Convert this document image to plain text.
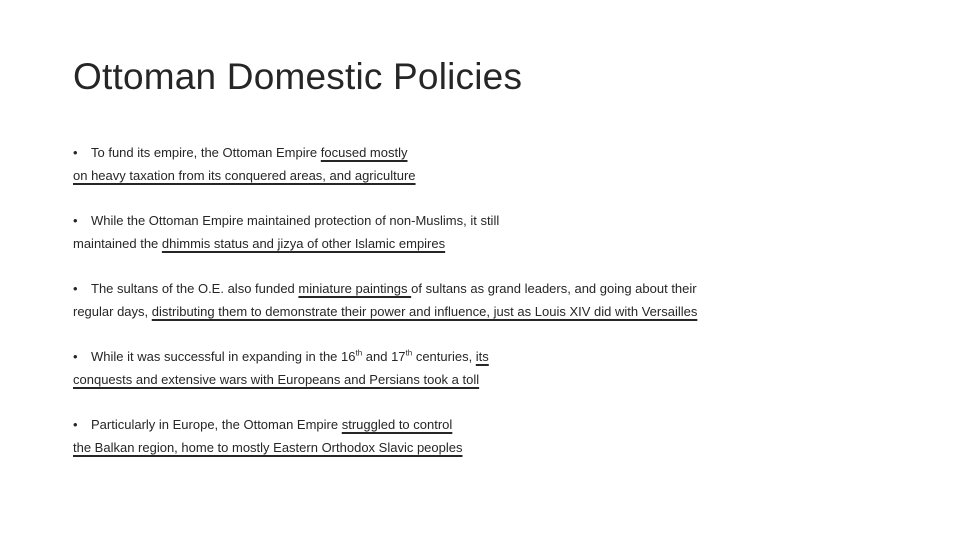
Ottoman Domestic Policies
• To fund its empire, the Ottoman Empire focused mostly
on heavy taxation from its conquered areas, and agriculture
• While the Ottoman Empire maintained protection of non-Muslims, it still
maintained the dhimmis status and jizya of other Islamic empires
• The sultans of the O.E. also funded miniature paintings of sultans as grand leaders, and going about their
regular days, distributing them to demonstrate their power and influence, just as Louis XIV did with Versailles
• While it was successful in expanding in the 16th and 17th centuries, its
conquests and extensive wars with Europeans and Persians took a toll
• Particularly in Europe, the Ottoman Empire struggled to control
the Balkan region, home to mostly Eastern Orthodox Slavic peoples
